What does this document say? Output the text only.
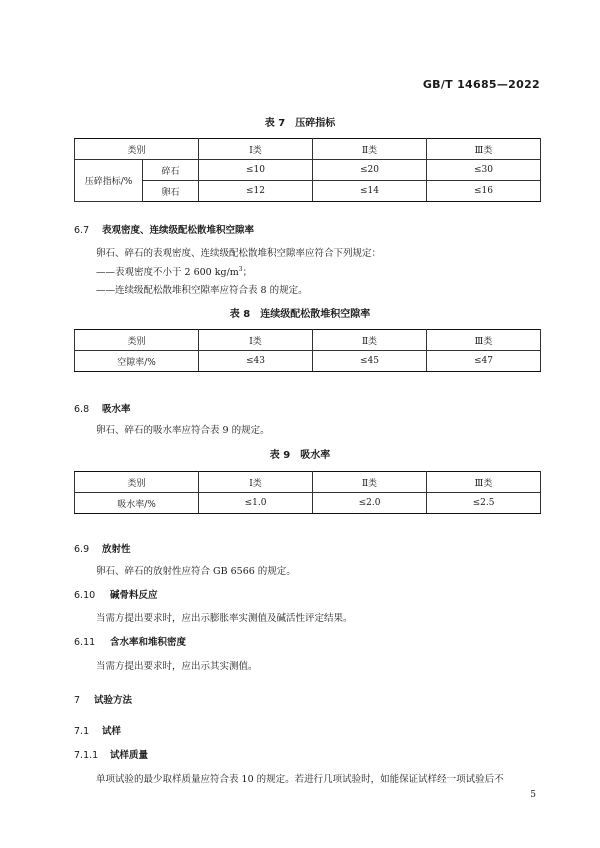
GB/T 14685—2022
表 7　压碎指标
类别		Ⅰ类	Ⅱ类	Ⅲ类
压碎指标/%	碎石	≤10	≤20	≤30
	卵石	≤12	≤14	≤16
6.7 表观密度、连续级配松散堆积空隙率
卵石、碎石的表观密度、连续级配松散堆积空隙率应符合下列规定：
——表观密度不小于 2 600 $kg/m^3$；
——连续级配松散堆积空隙率应符合表 8 的规定。
表 8　连续级配松散堆积空隙率
类别	Ⅰ类	Ⅱ类	Ⅲ类
空隙率/%	≤43	≤45	≤47
6.8 吸水率
卵石、碎石的吸水率应符合表 9 的规定。
表 9　吸水率
类别	Ⅰ类	Ⅱ类	Ⅲ类
吸水率/%	≤1.0	≤2.0	≤2.5
6.9 放射性
卵石、碎石的放射性应符合 GB 6566 的规定。
6.10 碱骨料反应
当需方提出要求时，应出示膨胀率实测值及碱活性评定结果。
6.11 含水率和堆积密度
当需方提出要求时，应出示其实测值。
7 试验方法
7.1 试样
7.1.1 试样质量
单项试验的最少取样质量应符合表 10 的规定。若进行几项试验时，如能保证试样经一项试验后不
5
